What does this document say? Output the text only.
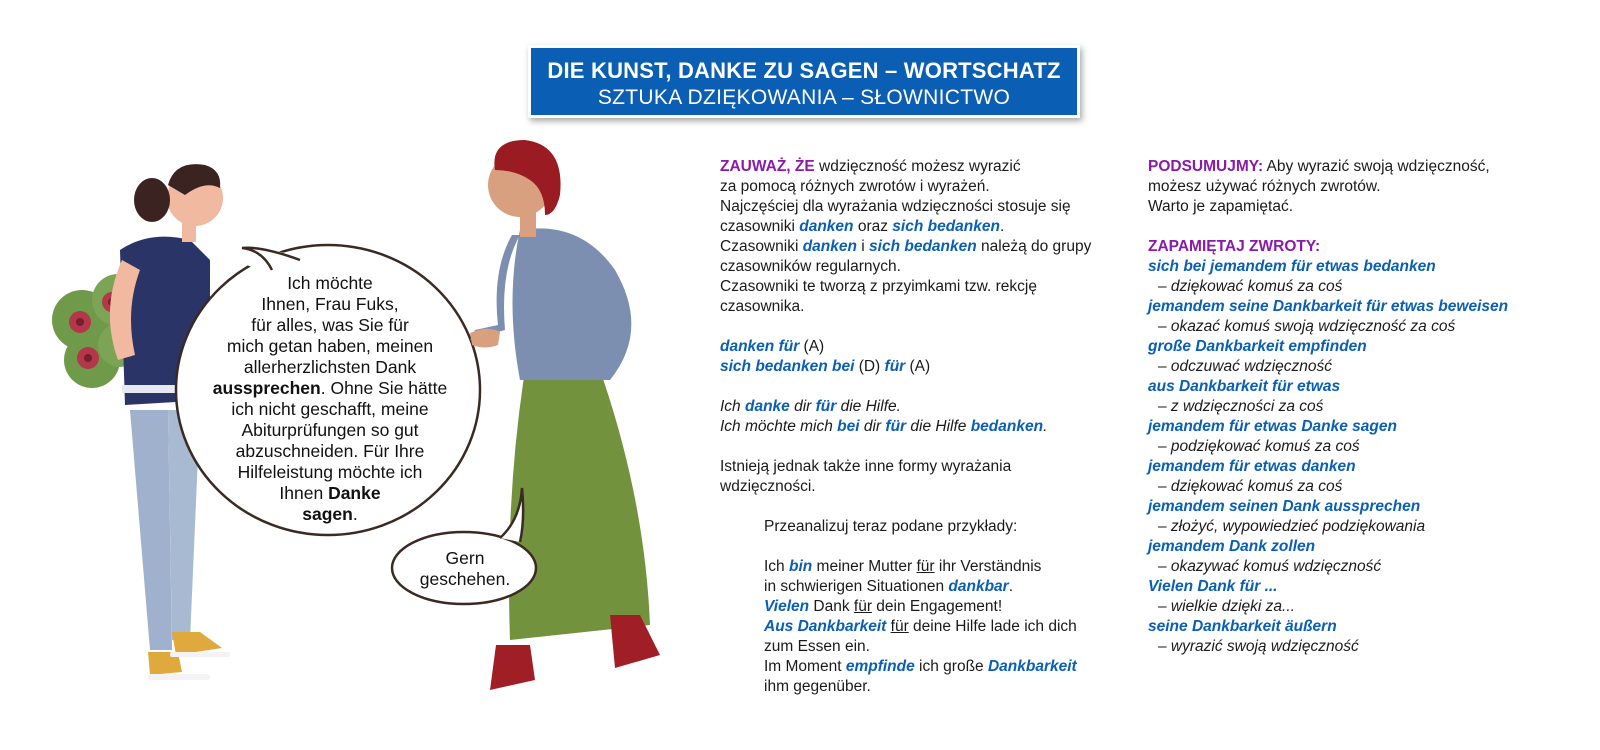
DIE KUNST, DANKE ZU SAGEN – WORTSCHATZ
SZTUKA DZIĘKOWANIA – SŁOWNICTWO
Ich möchte
Ihnen, Frau Fuks,
für alles, was Sie für
mich getan haben, meinen
allerherzlichsten Dank
aussprechen. Ohne Sie hätte
ich nicht geschafft, meine
Abiturprüfungen so gut
abzuschneiden. Für Ihre
Hilfeleistung möchte ich
Ihnen Danke
sagen.
Gern
geschehen.
ZAUWAŻ, ŻE wdzięczność możesz wyrazić
za pomocą różnych zwrotów i wyrażeń.
Najczęściej dla wyrażania wdzięczności stosuje się
czasowniki danken oraz sich bedanken.
Czasowniki danken i sich bedanken należą do grupy
czasowników regularnych.
Czasowniki te tworzą z przyimkami tzw. rekcję
czasownika.
danken für (A)
sich bedanken bei (D) für (A)
Ich danke dir für die Hilfe.
Ich möchte mich bei dir für die Hilfe bedanken.
Istnieją jednak także inne formy wyrażania
wdzięczności.
Przeanalizuj teraz podane przykłady:
Ich bin meiner Mutter für ihr Verständnis
in schwierigen Situationen dankbar.
Vielen Dank für dein Engagement!
Aus Dankbarkeit für deine Hilfe lade ich dich
zum Essen ein.
Im Moment empfinde ich große Dankbarkeit
ihm gegenüber.
PODSUMUJMY: Aby wyrazić swoją wdzięczność,
możesz używać różnych zwrotów.
Warto je zapamiętać.
ZAPAMIĘTAJ ZWROTY:
sich bei jemandem für etwas bedanken
– dziękować komuś za coś
jemandem seine Dankbarkeit für etwas beweisen
– okazać komuś swoją wdzięczność za coś
große Dankbarkeit empfinden
– odczuwać wdzięczność
aus Dankbarkeit für etwas
– z wdzięczności za coś
jemandem für etwas Danke sagen
– podziękować komuś za coś
jemandem für etwas danken
– dziękować komuś za coś
jemandem seinen Dank aussprechen
– złożyć, wypowiedzieć podziękowania
jemandem Dank zollen
– okazywać komuś wdzięczność
Vielen Dank für ...
– wielkie dzięki za...
seine Dankbarkeit äußern
– wyrazić swoją wdzięczność
